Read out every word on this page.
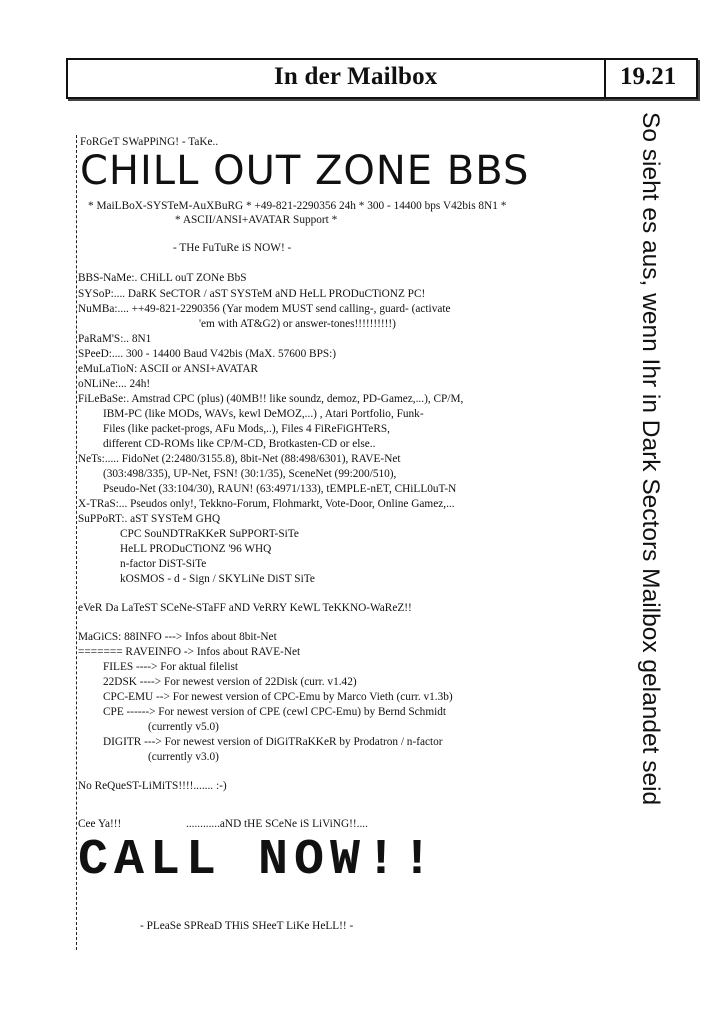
In der Mailbox	19.21
So sieht es aus, wenn Ihr in Dark Sectors Mailbox gelandet seid
FoRGeT SWaPPiNG! - TaKe..
CHILL OUT ZONE BBS
* MaiLBoX-SYSTeM-AuXBuRG * +49-821-2290356 24h * 300 - 14400 bps V42bis 8N1 *
* ASCII/ANSI+AVATAR Support *
- THe FuTuRe iS NOW! -
BBS-NaMe:. CHiLL ouT ZONe BbS
SYSoP:.... DaRK SeCTOR / aST SYSTeM aND HeLL PRODuCTiONZ PC!
NuMBa:.... ++49-821-2290356 (Yar modem MUST send calling-, guard- (activate
'em with AT&G2) or answer-tones!!!!!!!!!!)
PaRaM'S:.. 8N1
SPeeD:.... 300 - 14400 Baud V42bis (MaX. 57600 BPS:)
eMuLaTioN: ASCII or ANSI+AVATAR
oNLiNe:... 24h!
FiLeBaSe:. Amstrad CPC (plus) (40MB!! like soundz, demoz, PD-Gamez,...), CP/M,
IBM-PC (like MODs, WAVs, kewl DeMOZ,...) , Atari Portfolio, Funk-
Files (like packet-progs, AFu Mods,..), Files 4 FiReFiGHTeRS,
different CD-ROMs like CP/M-CD, Brotkasten-CD or else..
NeTs:..... FidoNet (2:2480/3155.8), 8bit-Net (88:498/6301), RAVE-Net
(303:498/335), UP-Net, FSN! (30:1/35), SceneNet (99:200/510),
Pseudo-Net (33:104/30), RAUN! (63:4971/133), tEMPLE-nET, CHiLL0uT-N
X-TRaS:... Pseudos only!, Tekkno-Forum, Flohmarkt, Vote-Door, Online Gamez,...
SuPPoRT:. aST SYSTeM GHQ
CPC SouNDTRaKKeR SuPPORT-SiTe
HeLL PRODuCTiONZ '96 WHQ
n-factor DiST-SiTe
kOSMOS - d - Sign / SKYLiNe DiST SiTe
eVeR Da LaTeST SCeNe-STaFF aND VeRRY KeWL TeKKNO-WaReZ!!
MaGiCS: 88INFO ---> Infos about 8bit-Net
======= RAVEINFO -> Infos about RAVE-Net
FILES ----> For aktual filelist
22DSK ----> For newest version of 22Disk (curr. v1.42)
CPC-EMU --> For newest version of CPC-Emu by Marco Vieth (curr. v1.3b)
CPE ------> For newest version of CPE (cewl CPC-Emu) by Bernd Schmidt
(currently v5.0)
DIGITR ---> For newest version of DiGiTRaKKeR by Prodatron / n-factor
(currently v3.0)
No ReQueST-LiMiTS!!!!....... :-)
Cee Ya!!!	............aND tHE SCeNe iS LiViNG!!....
CALL NOW!!
- PLeaSe SPReaD THiS SHeeT LiKe HeLL!! -
